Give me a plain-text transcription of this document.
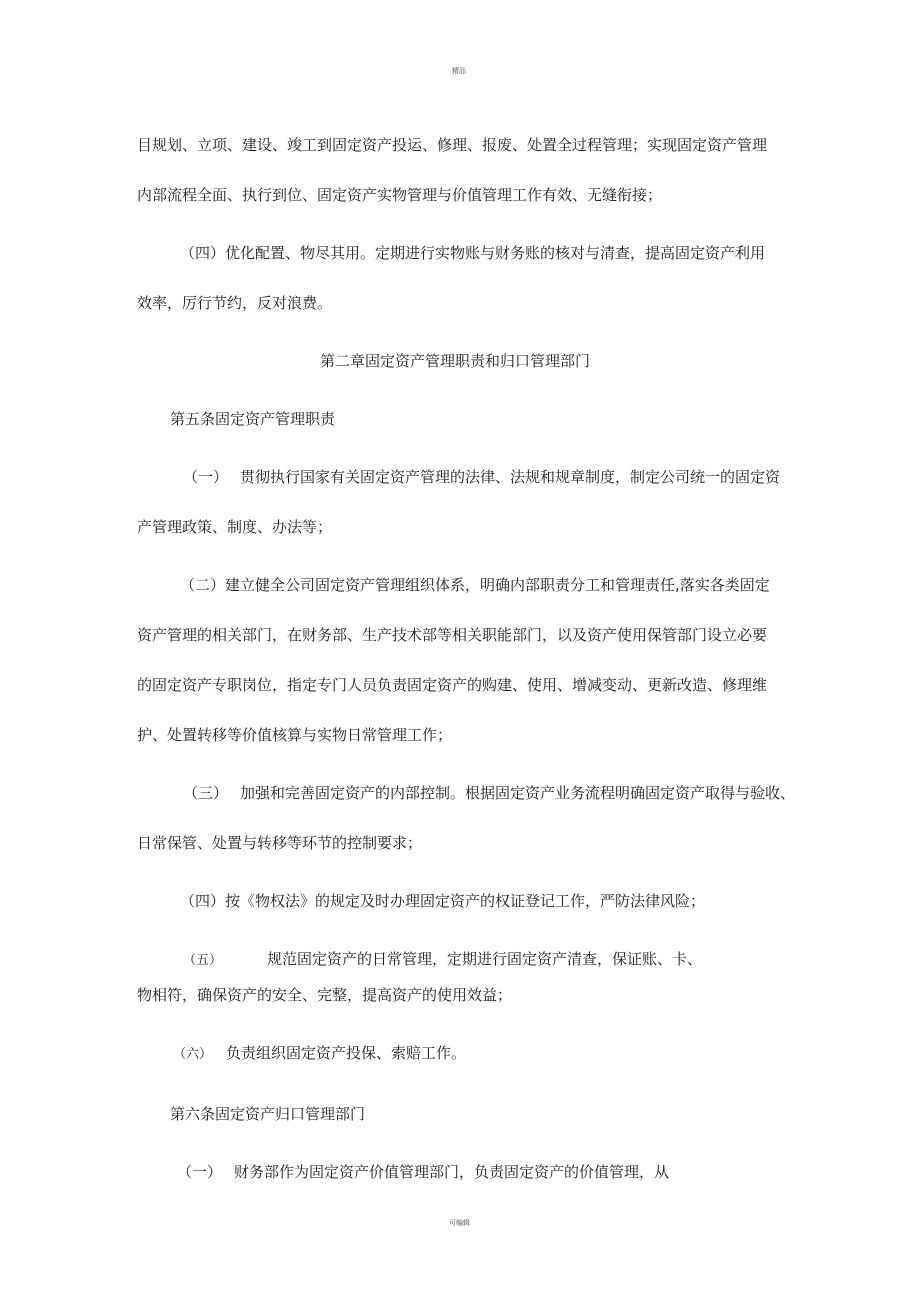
精品
目规划、立项、建设、竣工到固定资产投运、修理、报废、处置全过程管理；实现固定资产管理
内部流程全面、执行到位、固定资产实物管理与价值管理工作有效、无缝衔接；
（四）优化配置、物尽其用。定期进行实物账与财务账的核对与清查，提高固定资产利用
效率，厉行节约，反对浪费。
第二章固定资产管理职责和归口管理部门
第五条固定资产管理职责
（一） 贯彻执行国家有关固定资产管理的法律、法规和规章制度，制定公司统一的固定资
产管理政策、制度、办法等；
（二）建立健全公司固定资产管理组织体系，明确内部职责分工和管理责任,落实各类固定
资产管理的相关部门，在财务部、生产技术部等相关职能部门，以及资产使用保管部门设立必要
的固定资产专职岗位，指定专门人员负责固定资产的购建、使用、增减变动、更新改造、修理维
护、处置转移等价值核算与实物日常管理工作；
（三） 加强和完善固定资产的内部控制。根据固定资产业务流程明确固定资产取得与验收、
日常保管、处置与转移等环节的控制要求；
（四）按《物权法》的规定及时办理固定资产的权证登记工作，严防法律风险；
（五）	规范固定资产的日常管理，定期进行固定资产清查，保证账、卡、
物相符，确保资产的安全、完整，提高资产的使用效益；
（六） 负责组织固定资产投保、索赔工作。
第六条固定资产归口管理部门
（一） 财务部作为固定资产价值管理部门，负责固定资产的价值管理，从
可编辑
